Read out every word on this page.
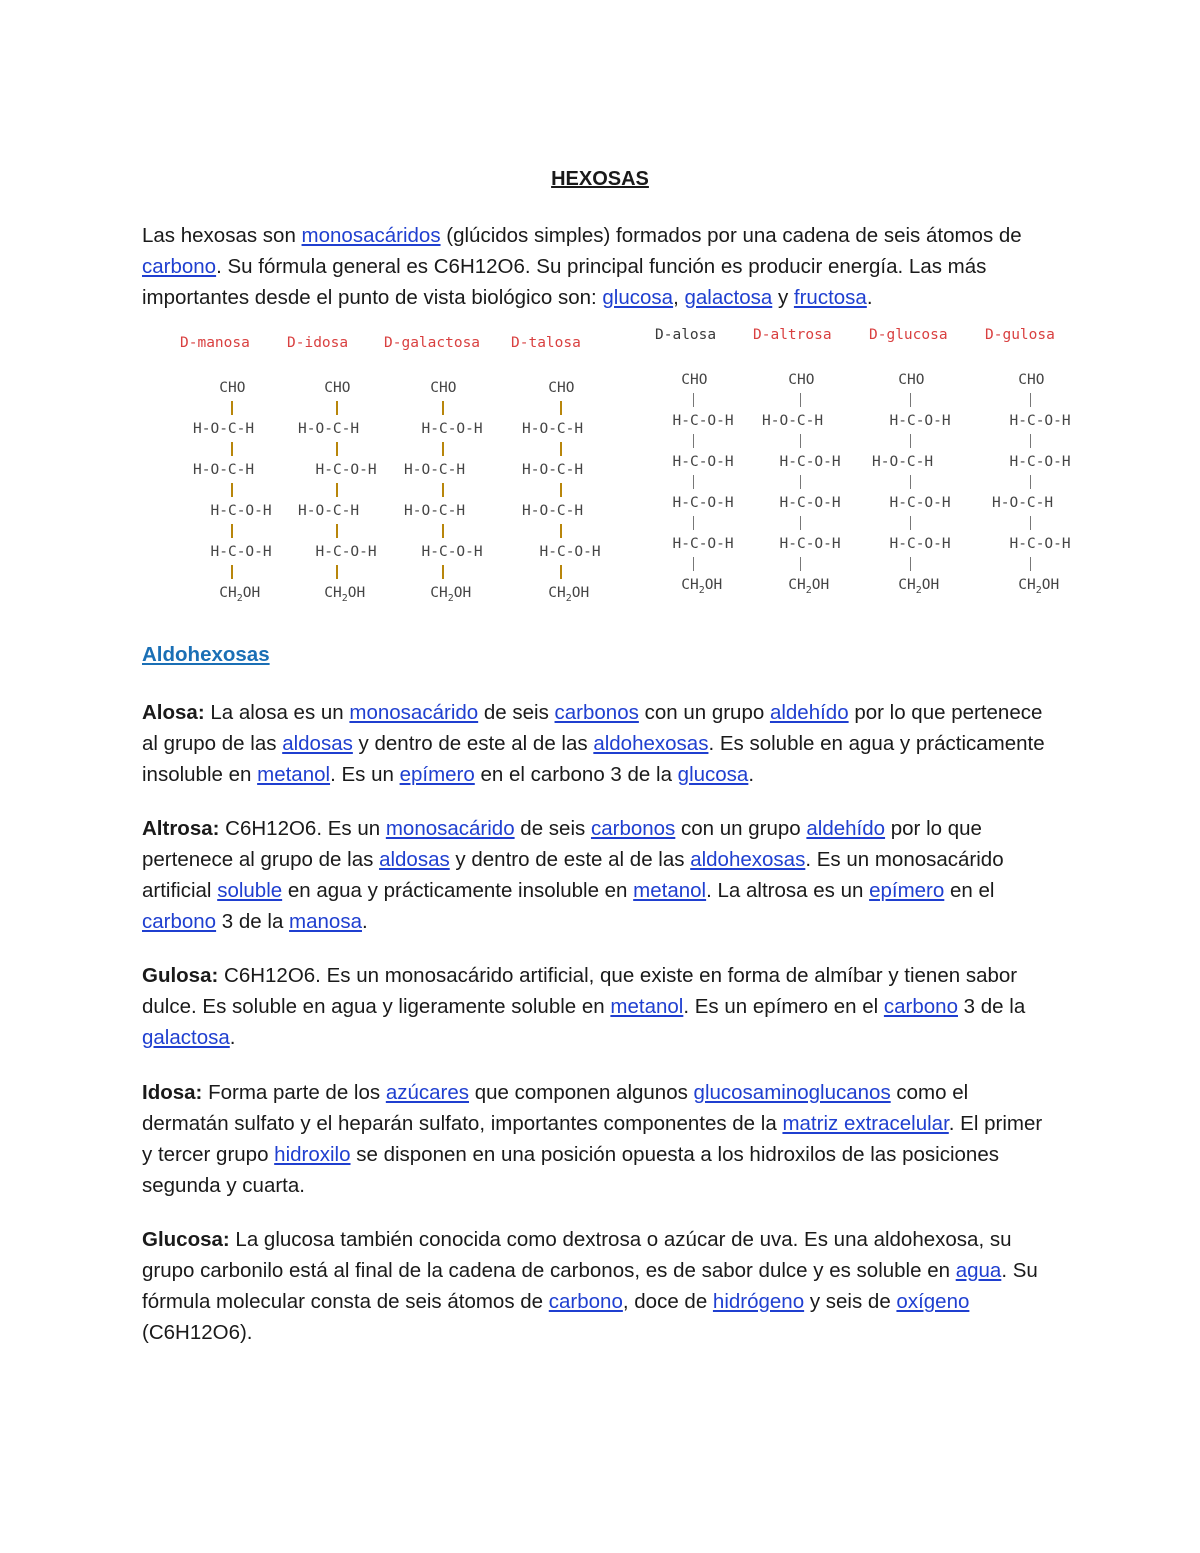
HEXOSAS

Las hexosas son monosacáridos (glúcidos simples) formados por una cadena de seis átomos de carbono. Su fórmula general es C6H12O6. Su principal función es producir energía. Las más importantes desde el punto de vista biológico son: glucosa, galactosa y fructosa.

D-manosa
CHO
H-O-C-H
H-O-C-H
H-C-O-H
H-C-O-H
$CH_2OH$
D-idosa
CHO
H-O-C-H
H-C-O-H
H-O-C-H
H-C-O-H
$CH_2OH$
D-galactosa
CHO
H-C-O-H
H-O-C-H
H-O-C-H
H-C-O-H
$CH_2OH$
D-talosa
CHO
H-O-C-H
H-O-C-H
H-O-C-H
H-C-O-H
$CH_2OH$
D-alosa
CHO
H-C-O-H
H-C-O-H
H-C-O-H
H-C-O-H
$CH_2OH$
D-altrosa
CHO
H-O-C-H
H-C-O-H
H-C-O-H
H-C-O-H
$CH_2OH$
D-glucosa
CHO
H-C-O-H
H-O-C-H
H-C-O-H
H-C-O-H
$CH_2OH$
D-gulosa
CHO
H-C-O-H
H-C-O-H
H-O-C-H
H-C-O-H
$CH_2OH$
Aldohexosas

Alosa: La alosa es un monosacárido de seis carbonos con un grupo aldehído por lo que pertenece al grupo de las aldosas y dentro de este al de las aldohexosas. Es soluble en agua y prácticamente insoluble en metanol. Es un epímero en el carbono 3 de la glucosa.

Altrosa: C6H12O6. Es un monosacárido de seis carbonos con un grupo aldehído por lo que pertenece al grupo de las aldosas y dentro de este al de las aldohexosas. Es un monosacárido artificial soluble en agua y prácticamente insoluble en metanol. La altrosa es un epímero en el carbono 3 de la manosa.

Gulosa: C6H12O6. Es un monosacárido artificial, que existe en forma de almíbar y tienen sabor dulce. Es soluble en agua y ligeramente soluble en metanol. Es un epímero en el carbono 3 de la galactosa.

Idosa: Forma parte de los azúcares que componen algunos glucosaminoglucanos como el dermatán sulfato y el heparán sulfato, importantes componentes de la matriz extracelular. El primer y tercer grupo hidroxilo se disponen en una posición opuesta a los hidroxilos de las posiciones segunda y cuarta.

Glucosa: La glucosa también conocida como dextrosa o azúcar de uva. Es una aldohexosa, su grupo carbonilo está al final de la cadena de carbonos, es de sabor dulce y es soluble en agua. Su fórmula molecular consta de seis átomos de carbono, doce de hidrógeno y seis de oxígeno (C6H12O6).
